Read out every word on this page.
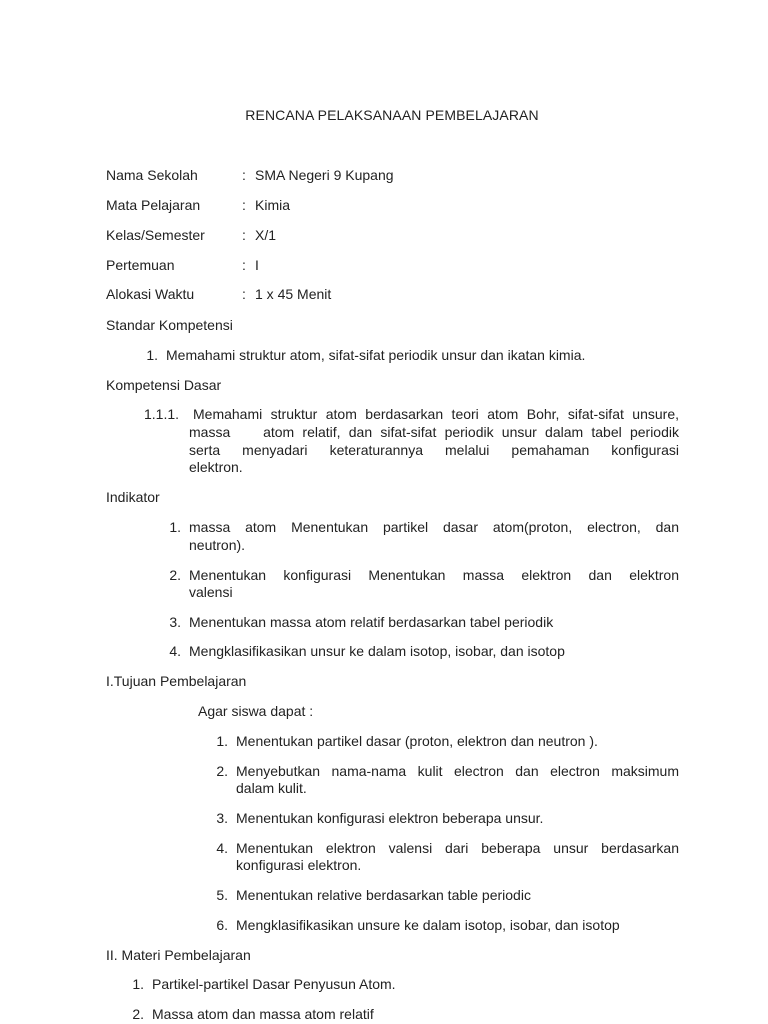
RENCANA PELAKSANAAN PEMBELAJARAN
Nama Sekolah	: SMA Negeri 9 Kupang
Mata Pelajaran	: Kimia
Kelas/Semester	: X/1
Pertemuan	: I
Alokasi Waktu	: 1 x 45 Menit
Standar Kompetensi
1. Memahami struktur atom, sifat-sifat periodik unsur dan ikatan kimia.
Kompetensi Dasar
1.1.1. Memahami struktur atom berdasarkan teori atom Bohr, sifat-sifat unsure,
massa    atom relatif, dan sifat-sifat periodik unsur dalam tabel periodik
serta menyadari keteraturannya melalui pemahaman konfigurasi
elektron.
Indikator
1. massa atom Menentukan partikel dasar atom(proton, electron, dan
neutron).
2. Menentukan konfigurasi Menentukan massa elektron dan elektron
valensi
3. Menentukan massa atom relatif berdasarkan tabel periodik
4. Mengklasifikasikan unsur ke dalam isotop, isobar, dan isotop
I.Tujuan Pembelajaran
Agar siswa dapat :
1. Menentukan partikel dasar (proton, elektron dan neutron ).
2. Menyebutkan nama-nama kulit electron dan electron maksimum
dalam kulit.
3. Menentukan konfigurasi elektron beberapa unsur.
4. Menentukan elektron valensi dari beberapa unsur berdasarkan
konfigurasi elektron.
5. Menentukan relative berdasarkan table periodic
6. Mengklasifikasikan unsure ke dalam isotop, isobar, dan isotop
II. Materi Pembelajaran
1. Partikel-partikel Dasar Penyusun Atom.
2. Massa atom dan massa atom relatif
